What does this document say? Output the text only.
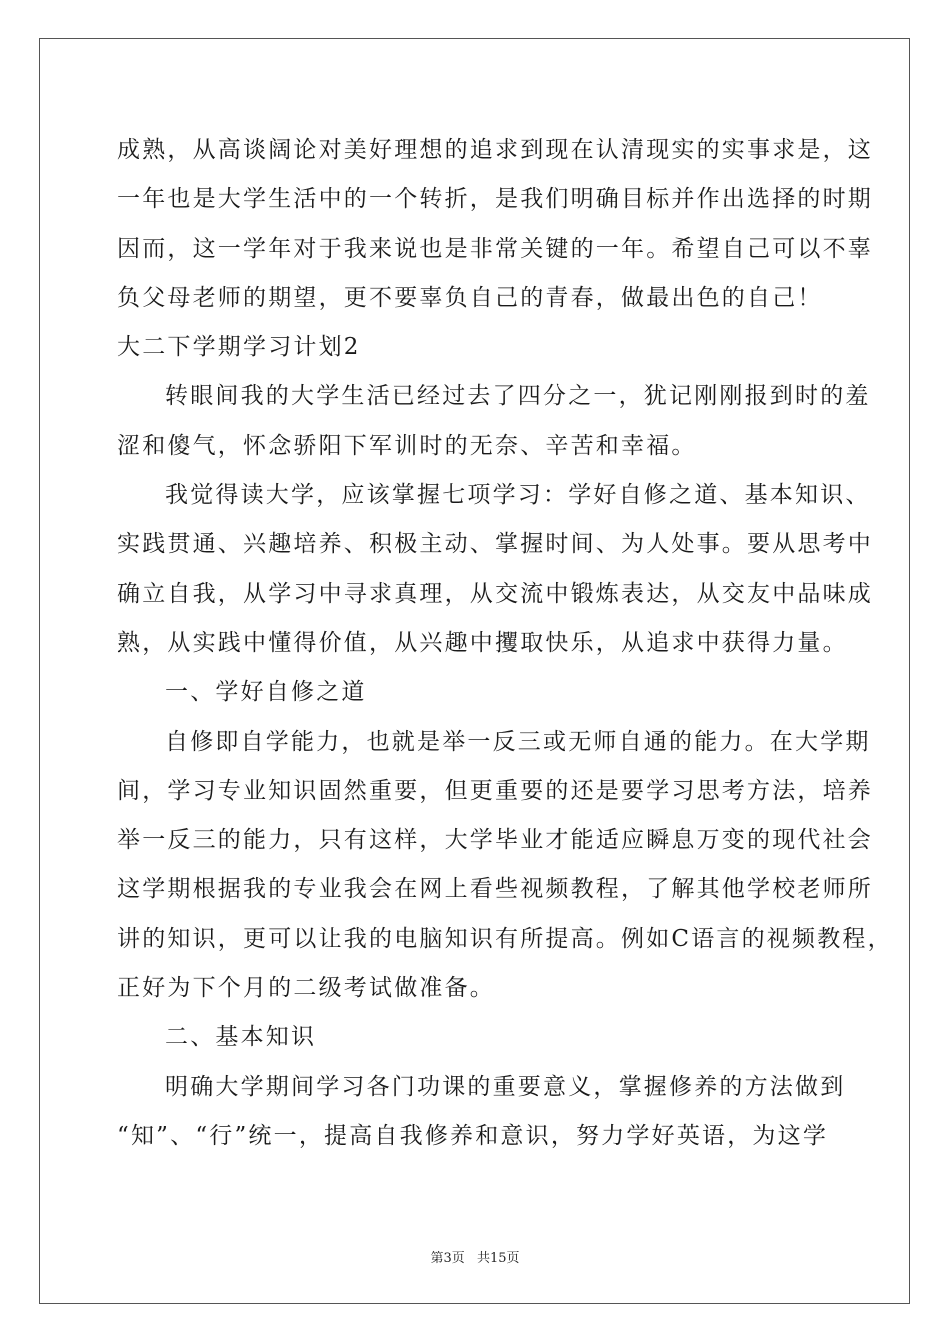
成熟，从高谈阔论对美好理想的追求到现在认清现实的实事求是，这
一年也是大学生活中的一个转折，是我们明确目标并作出选择的时期
因而，这一学年对于我来说也是非常关键的一年。希望自己可以不辜
负父母老师的期望，更不要辜负自己的青春，做最出色的自己！
大二下学期学习计划2
转眼间我的大学生活已经过去了四分之一，犹记刚刚报到时的羞
涩和傻气，怀念骄阳下军训时的无奈、辛苦和幸福。
我觉得读大学，应该掌握七项学习：学好自修之道、基本知识、
实践贯通、兴趣培养、积极主动、掌握时间、为人处事。要从思考中
确立自我，从学习中寻求真理，从交流中锻炼表达，从交友中品味成
熟，从实践中懂得价值，从兴趣中攫取快乐，从追求中获得力量。
一、学好自修之道
自修即自学能力，也就是举一反三或无师自通的能力。在大学期
间，学习专业知识固然重要，但更重要的还是要学习思考方法，培养
举一反三的能力，只有这样，大学毕业才能适应瞬息万变的现代社会
这学期根据我的专业我会在网上看些视频教程，了解其他学校老师所
讲的知识，更可以让我的电脑知识有所提高。例如C语言的视频教程，
正好为下个月的二级考试做准备。
二、基本知识
明确大学期间学习各门功课的重要意义，掌握修养的方法做到
“知”、“行”统一，提高自我修养和意识，努力学好英语，为这学
第3页 共15页
